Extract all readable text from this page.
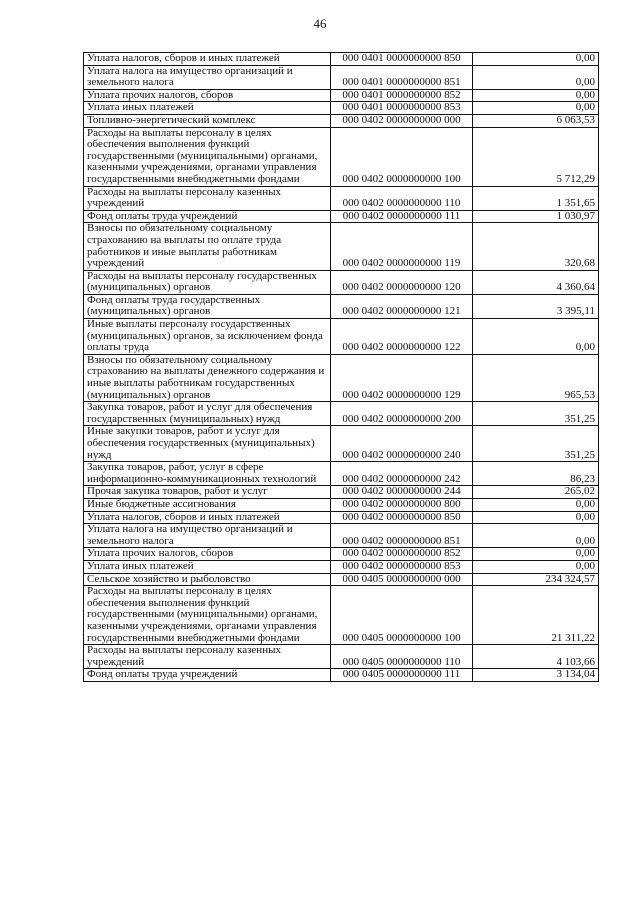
46
Уплата налогов, сборов и иных платежей	000 0401 0000000000 850	0,00
Уплата налога на имущество организаций и земельного налога	000 0401 0000000000 851	0,00
Уплата прочих налогов, сборов	000 0401 0000000000 852	0,00
Уплата иных платежей	000 0401 0000000000 853	0,00
Топливно-энергетический комплекс	000 0402 0000000000 000	6 063,53
Расходы на выплаты персоналу в целях обеспечения выполнения функций государственными (муниципальными) органами, казенными учреждениями, органами управления государственными внебюджетными фондами	000 0402 0000000000 100	5 712,29
Расходы на выплаты персоналу казенных учреждений	000 0402 0000000000 110	1 351,65
Фонд оплаты труда учреждений	000 0402 0000000000 111	1 030,97
Взносы по обязательному социальному страхованию на выплаты по оплате труда работников и иные выплаты работникам учреждений	000 0402 0000000000 119	320,68
Расходы на выплаты персоналу государственных (муниципальных) органов	000 0402 0000000000 120	4 360,64
Фонд оплаты труда государственных (муниципальных) органов	000 0402 0000000000 121	3 395,11
Иные выплаты персоналу государственных (муниципальных) органов, за исключением фонда оплаты труда	000 0402 0000000000 122	0,00
Взносы по обязательному социальному страхованию на выплаты денежного содержания и иные выплаты работникам государственных (муниципальных) органов	000 0402 0000000000 129	965,53
Закупка товаров, работ и услуг для обеспечения государственных (муниципальных) нужд	000 0402 0000000000 200	351,25
Иные закупки товаров, работ и услуг для обеспечения государственных (муниципальных) нужд	000 0402 0000000000 240	351,25
Закупка товаров, работ, услуг в сфере информационно-коммуникационных технологий	000 0402 0000000000 242	86,23
Прочая закупка товаров, работ и услуг	000 0402 0000000000 244	265,02
Иные бюджетные ассигнования	000 0402 0000000000 800	0,00
Уплата налогов, сборов и иных платежей	000 0402 0000000000 850	0,00
Уплата налога на имущество организаций и земельного налога	000 0402 0000000000 851	0,00
Уплата прочих налогов, сборов	000 0402 0000000000 852	0,00
Уплата иных платежей	000 0402 0000000000 853	0,00
Сельское хозяйство и рыболовство	000 0405 0000000000 000	234 324,57
Расходы на выплаты персоналу в целях обеспечения выполнения функций государственными (муниципальными) органами, казенными учреждениями, органами управления государственными внебюджетными фондами	000 0405 0000000000 100	21 311,22
Расходы на выплаты персоналу казенных учреждений	000 0405 0000000000 110	4 103,66
Фонд оплаты труда учреждений	000 0405 0000000000 111	3 134,04
